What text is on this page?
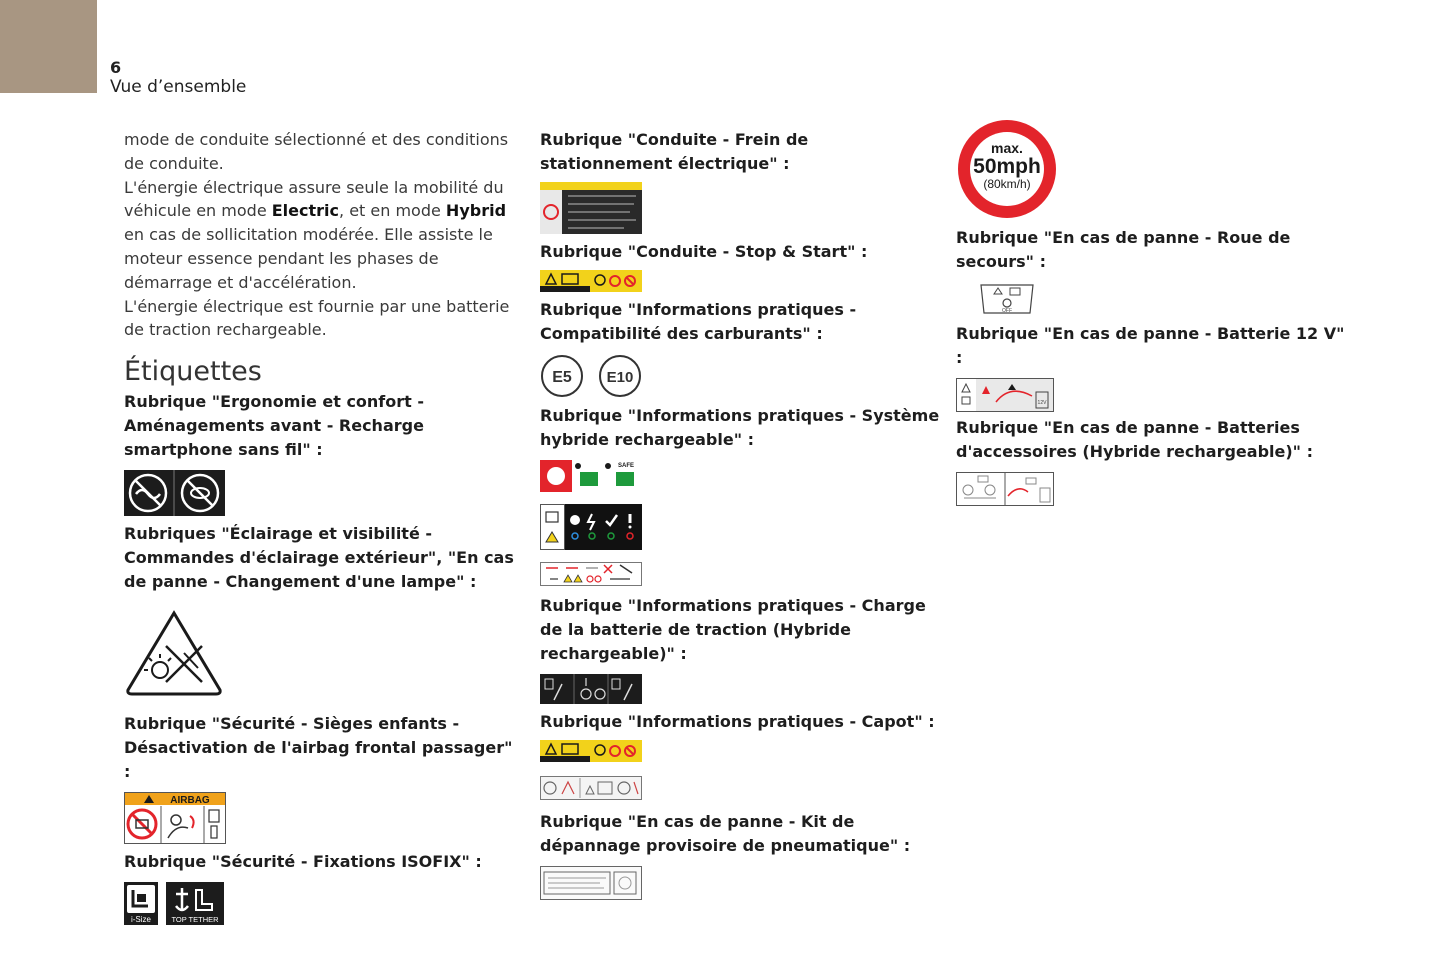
6
Vue d’ensemble

mode de conduite sélectionné et des conditions de conduite.

L'énergie électrique assure seule la mobilité du véhicule en mode Electric, et en mode Hybrid en cas de sollicitation modérée. Elle assiste le moteur essence pendant les phases de démarrage et d'accélération.

L'énergie électrique est fournie par une batterie de traction rechargeable.

Étiquettes

Rubrique "Ergonomie et confort - Aménagements avant - Recharge smartphone sans fil" :

Rubriques "Éclairage et visibilité - Commandes d'éclairage extérieur", "En cas de panne - Changement d'une lampe" :

Rubrique "Sécurité - Sièges enfants - Désactivation de l'airbag frontal passager" :

AIRBAG

Rubrique "Sécurité - Fixations ISOFIX" :

i-Size	TOP TETHER

Rubrique "Conduite - Frein de stationnement électrique" :

Rubrique "Conduite - Stop & Start" :

Rubrique "Informations pratiques - Compatibilité des carburants" :

E5 E10

Rubrique "Informations pratiques - Système hybride rechargeable" :

SAFE

Rubrique "Informations pratiques - Charge de la batterie de traction (Hybride rechargeable)" :

Rubrique "Informations pratiques - Capot" :

Rubrique "En cas de panne - Kit de dépannage provisoire de pneumatique" :

max.
50mph
(80km/h)

Rubrique "En cas de panne - Roue de secours" :

OFF

Rubrique "En cas de panne - Batterie 12 V" :

12V

Rubrique "En cas de panne - Batteries d'accessoires (Hybride rechargeable)" :
